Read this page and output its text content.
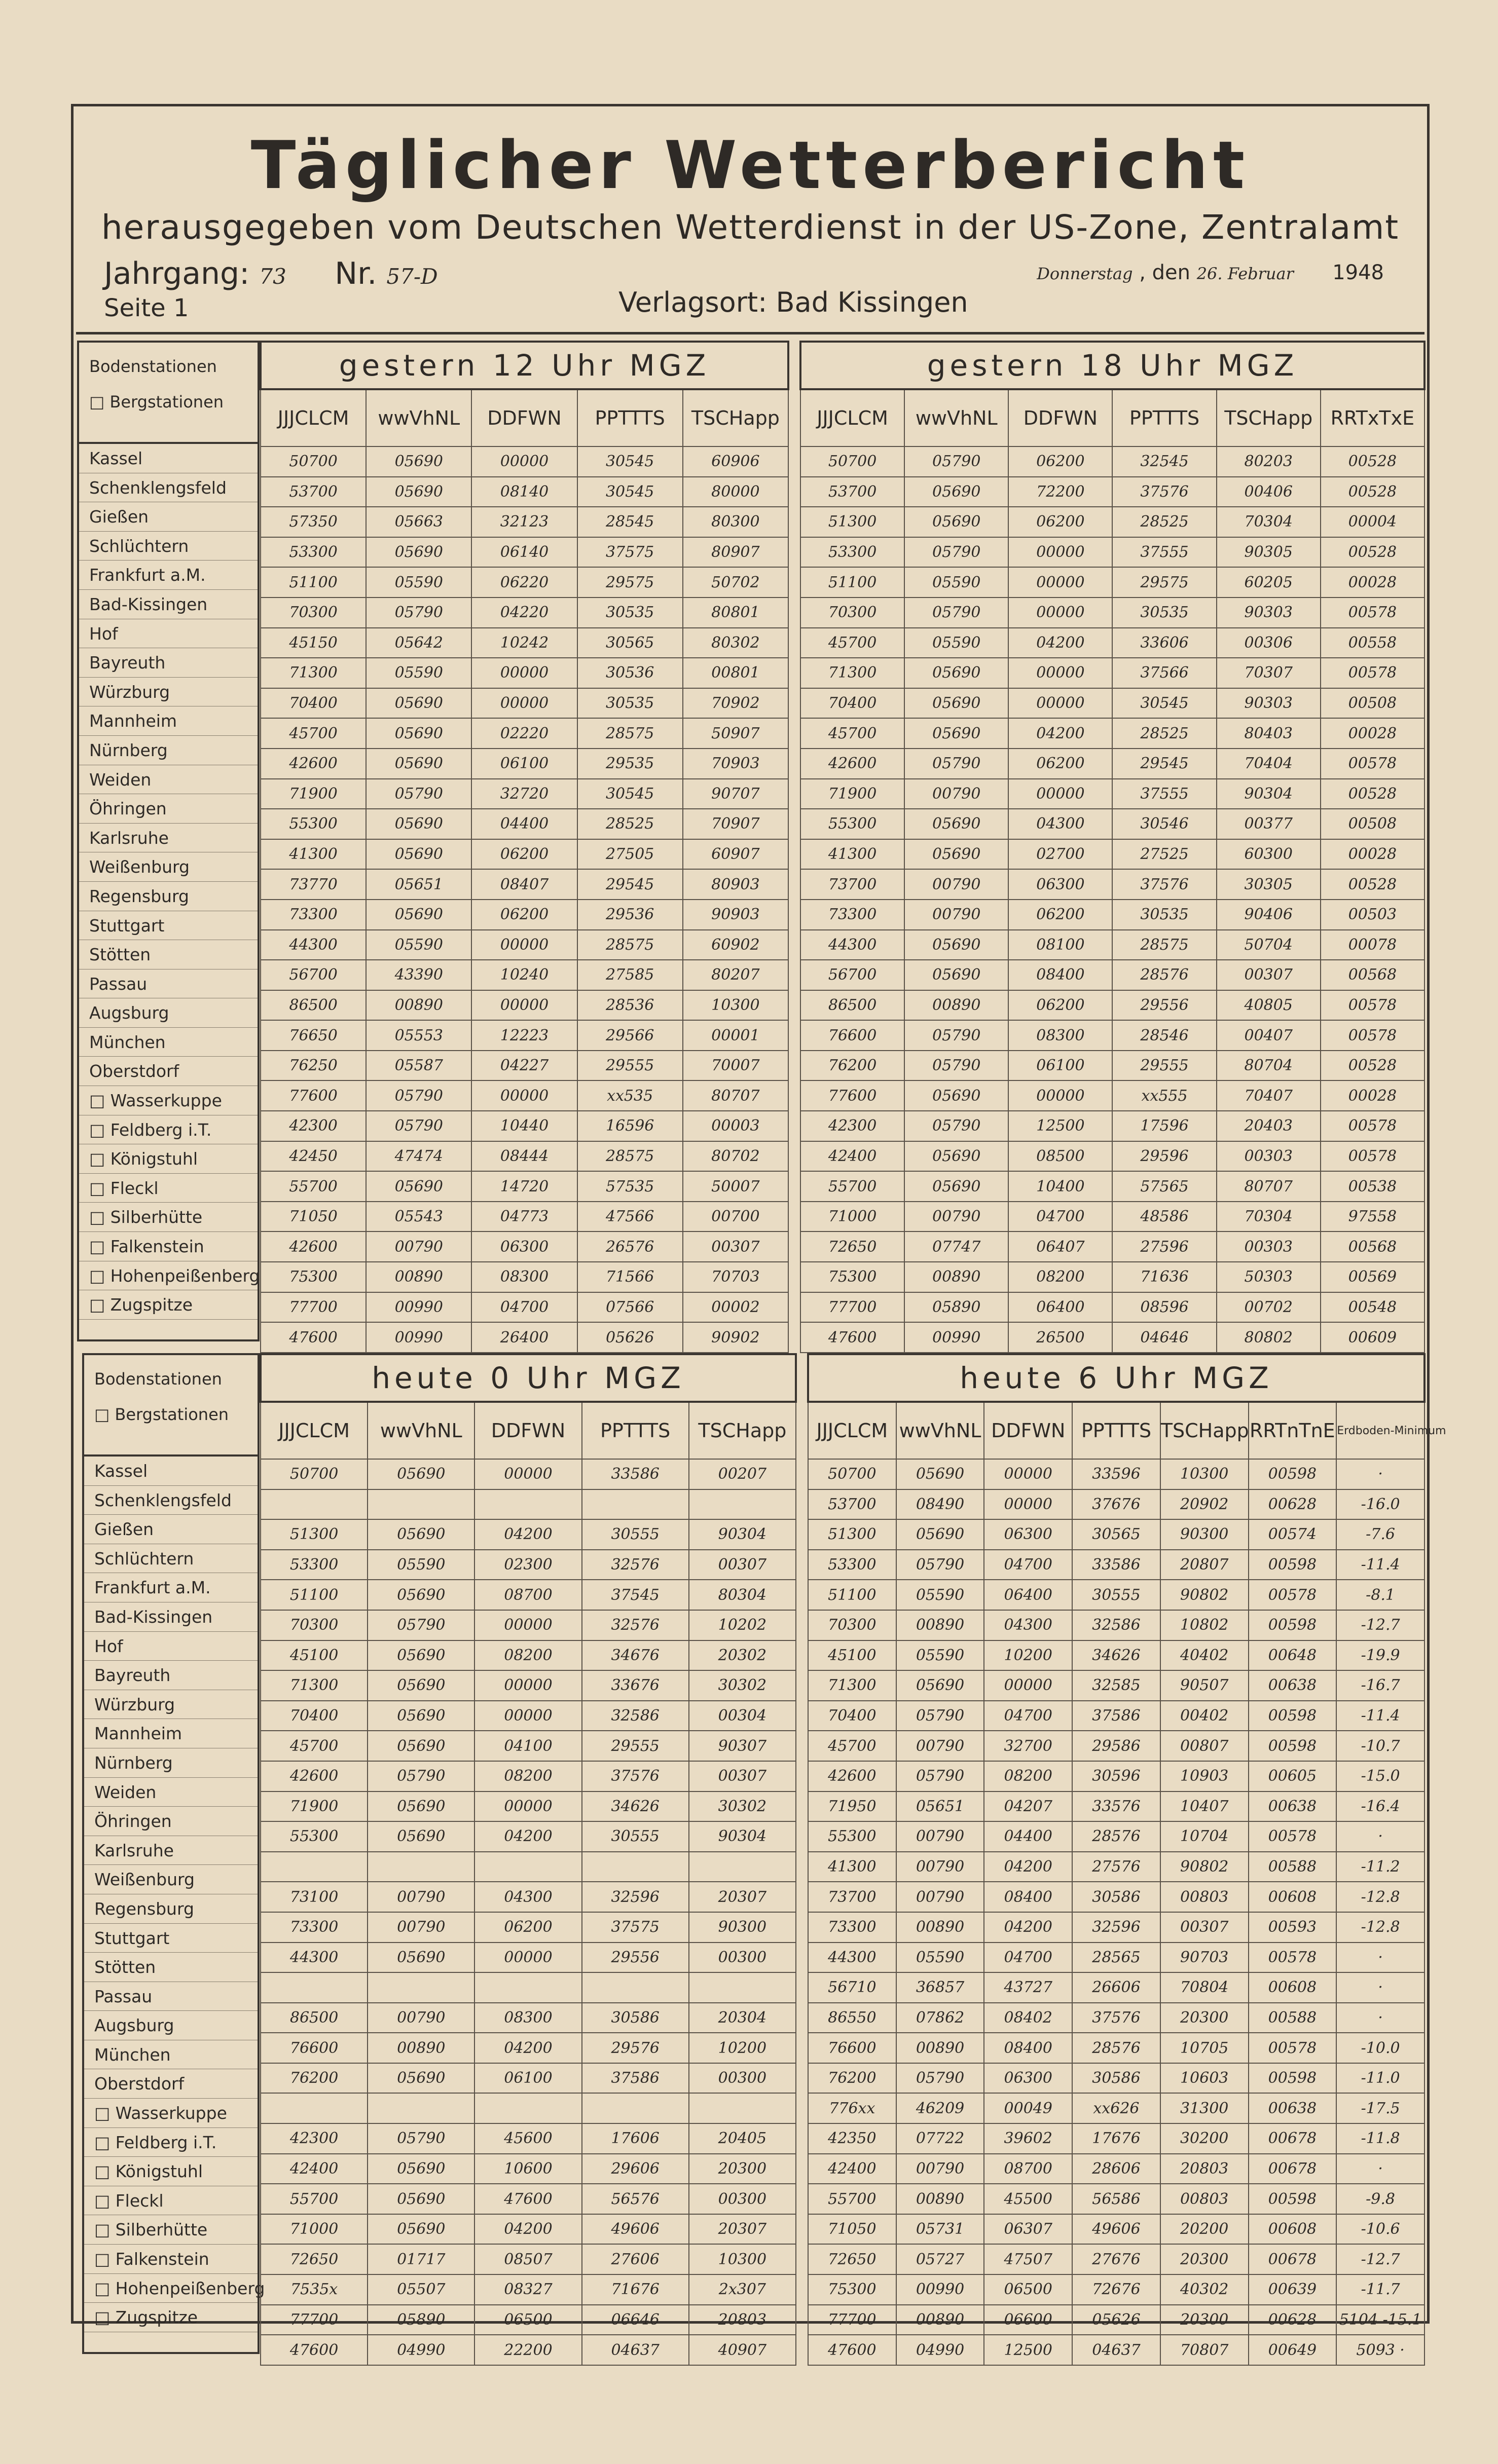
Täglicher Wetterbericht
herausgegeben vom Deutschen Wetterdienst in der US-Zone, Zentralamt
Jahrgang: 73 Nr. 57-D
Seite 1	Verlagsort: Bad Kissingen
Donnerstag , den 26. Februar 1948
Bodenstationen
□ Bergstationen
Kassel
Schenklengsfeld
Gießen
Schlüchtern
Frankfurt a.M.
Bad-Kissingen
Hof
Bayreuth
Würzburg
Mannheim
Nürnberg
Weiden
Öhringen
Karlsruhe
Weißenburg
Regensburg
Stuttgart
Stötten
Passau
Augsburg
München
Oberstdorf
□ Wasserkuppe
□ Feldberg i.T.
□ Königstuhl
□ Fleckl
□ Silberhütte
□ Falkenstein
□ Hohenpeißenberg
□ Zugspitze
gestern 12 Uhr MGZ				
JJJCLCM	wwVhNL	DDFWN	PPTTTS	TSCHapp
50700	05690	00000	30545	60906
53700	05690	08140	30545	80000
57350	05663	32123	28545	80300
53300	05690	06140	37575	80907
51100	05590	06220	29575	50702
70300	05790	04220	30535	80801
45150	05642	10242	30565	80302
71300	05590	00000	30536	00801
70400	05690	00000	30535	70902
45700	05690	02220	28575	50907
42600	05690	06100	29535	70903
71900	05790	32720	30545	90707
55300	05690	04400	28525	70907
41300	05690	06200	27505	60907
73770	05651	08407	29545	80903
73300	05690	06200	29536	90903
44300	05590	00000	28575	60902
56700	43390	10240	27585	80207
86500	00890	00000	28536	10300
76650	05553	12223	29566	00001
76250	05587	04227	29555	70007
77600	05790	00000	xx535	80707
42300	05790	10440	16596	00003
42450	47474	08444	28575	80702
55700	05690	14720	57535	50007
71050	05543	04773	47566	00700
42600	00790	06300	26576	00307
75300	00890	08300	71566	70703
77700	00990	04700	07566	00002
47600	00990	26400	05626	90902
gestern 18 Uhr MGZ					
JJJCLCM	wwVhNL	DDFWN	PPTTTS	TSCHapp	RRTxTxE
50700	05790	06200	32545	80203	00528
53700	05690	72200	37576	00406	00528
51300	05690	06200	28525	70304	00004
53300	05790	00000	37555	90305	00528
51100	05590	00000	29575	60205	00028
70300	05790	00000	30535	90303	00578
45700	05590	04200	33606	00306	00558
71300	05690	00000	37566	70307	00578
70400	05690	00000	30545	90303	00508
45700	05690	04200	28525	80403	00028
42600	05790	06200	29545	70404	00578
71900	00790	00000	37555	90304	00528
55300	05690	04300	30546	00377	00508
41300	05690	02700	27525	60300	00028
73700	00790	06300	37576	30305	00528
73300	00790	06200	30535	90406	00503
44300	05690	08100	28575	50704	00078
56700	05690	08400	28576	00307	00568
86500	00890	06200	29556	40805	00578
76600	05790	08300	28546	00407	00578
76200	05790	06100	29555	80704	00528
77600	05690	00000	xx555	70407	00028
42300	05790	12500	17596	20403	00578
42400	05690	08500	29596	00303	00578
55700	05690	10400	57565	80707	00538
71000	00790	04700	48586	70304	97558
72650	07747	06407	27596	00303	00568
75300	00890	08200	71636	50303	00569
77700	05890	06400	08596	00702	00548
47600	00990	26500	04646	80802	00609
Bodenstationen
□ Bergstationen
Kassel
Schenklengsfeld
Gießen
Schlüchtern
Frankfurt a.M.
Bad-Kissingen
Hof
Bayreuth
Würzburg
Mannheim
Nürnberg
Weiden
Öhringen
Karlsruhe
Weißenburg
Regensburg
Stuttgart
Stötten
Passau
Augsburg
München
Oberstdorf
□ Wasserkuppe
□ Feldberg i.T.
□ Königstuhl
□ Fleckl
□ Silberhütte
□ Falkenstein
□ Hohenpeißenberg
□ Zugspitze
heute 0 Uhr MGZ				
JJJCLCM	wwVhNL	DDFWN	PPTTTS	TSCHapp
50700	05690	00000	33586	00207

51300	05690	04200	30555	90304
53300	05590	02300	32576	00307
51100	05690	08700	37545	80304
70300	05790	00000	32576	10202
45100	05690	08200	34676	20302
71300	05690	00000	33676	30302
70400	05690	00000	32586	00304
45700	05690	04100	29555	90307
42600	05790	08200	37576	00307
71900	05690	00000	34626	30302
55300	05690	04200	30555	90304

73100	00790	04300	32596	20307
73300	00790	06200	37575	90300
44300	05690	00000	29556	00300

86500	00790	08300	30586	20304
76600	00890	04200	29576	10200
76200	05690	06100	37586	00300

42300	05790	45600	17606	20405
42400	05690	10600	29606	20300
55700	05690	47600	56576	00300
71000	05690	04200	49606	20307
72650	01717	08507	27606	10300
7535x	05507	08327	71676	2x307
77700	05890	06500	06646	20803
47600	04990	22200	04637	40907
heute 6 Uhr MGZ						
JJJCLCM	wwVhNL	DDFWN	PPTTTS	TSCHapp	RRTnTnE	Erdboden-Minimum
50700	05690	00000	33596	10300	00598	·
53700	08490	00000	37676	20902	00628	-16.0
51300	05690	06300	30565	90300	00574	-7.6
53300	05790	04700	33586	20807	00598	-11.4
51100	05590	06400	30555	90802	00578	-8.1
70300	00890	04300	32586	10802	00598	-12.7
45100	05590	10200	34626	40402	00648	-19.9
71300	05690	00000	32585	90507	00638	-16.7
70400	05790	04700	37586	00402	00598	-11.4
45700	00790	32700	29586	00807	00598	-10.7
42600	05790	08200	30596	10903	00605	-15.0
71950	05651	04207	33576	10407	00638	-16.4
55300	00790	04400	28576	10704	00578	·
41300	00790	04200	27576	90802	00588	-11.2
73700	00790	08400	30586	00803	00608	-12.8
73300	00890	04200	32596	00307	00593	-12.8
44300	05590	04700	28565	90703	00578	·
56710	36857	43727	26606	70804	00608	·
86550	07862	08402	37576	20300	00588	·
76600	00890	08400	28576	10705	00578	-10.0
76200	05790	06300	30586	10603	00598	-11.0
776xx	46209	00049	xx626	31300	00638	-17.5
42350	07722	39602	17676	30200	00678	-11.8
42400	00790	08700	28606	20803	00678	·
55700	00890	45500	56586	00803	00598	-9.8
71050	05731	06307	49606	20200	00608	-10.6
72650	05727	47507	27676	20300	00678	-12.7
75300	00990	06500	72676	40302	00639	-11.7
77700	00890	06600	05626	20300	00628	5104 -15.1
47600	04990	12500	04637	70807	00649	5093 ·
